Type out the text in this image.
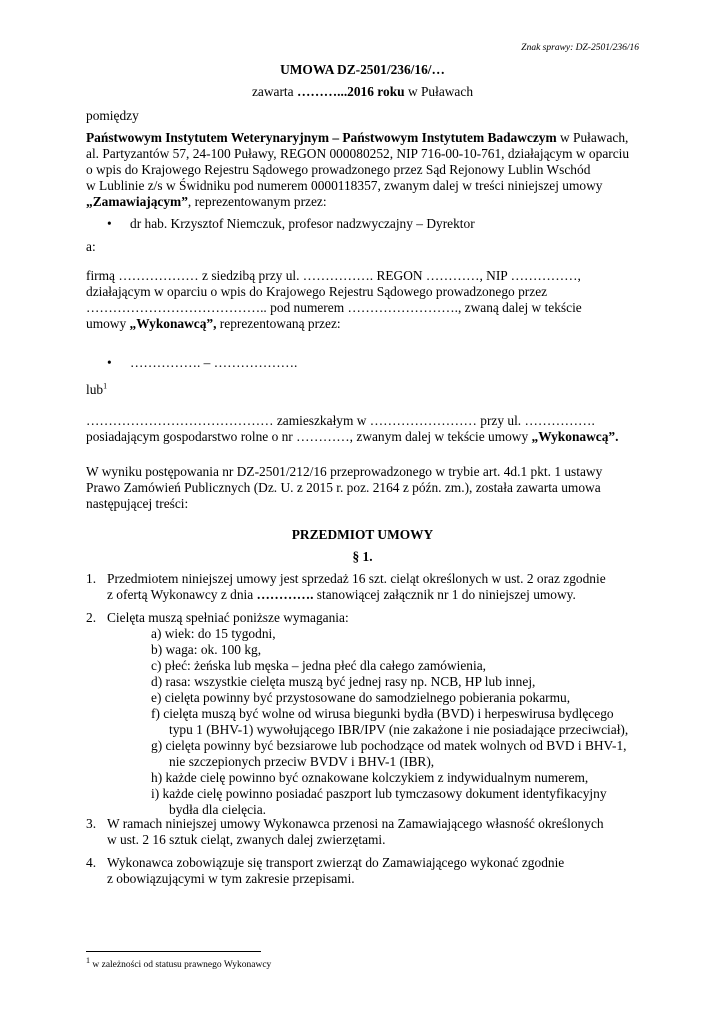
Znak sprawy: DZ-2501/236/16
UMOWA DZ-2501/236/16/…
zawarta ………...2016 roku w Puławach
pomiędzy
Państwowym Instytutem Weterynaryjnym – Państwowym Instytutem Badawczym w Puławach,
al. Partyzantów 57, 24-100 Puławy, REGON 000080252, NIP 716-00-10-761, działającym w oparciu
o wpis do Krajowego Rejestru Sądowego prowadzonego przez Sąd Rejonowy Lublin Wschód
w Lublinie z/s w Świdniku pod numerem 0000118357, zwanym dalej w treści niniejszej umowy
„Zamawiającym”, reprezentowanym przez:
• dr hab. Krzysztof Niemczuk, profesor nadzwyczajny – Dyrektor
a:
firmą ……………… z siedzibą przy ul. ……………. REGON …………, NIP ……………,
działającym w oparciu o wpis do Krajowego Rejestru Sądowego prowadzonego przez
………………………………….. pod numerem ……………………., zwaną dalej w tekście
umowy „Wykonawcą”, reprezentowaną przez:
• ……………. – ……………….
lub$^1$
…………………………………… zamieszkałym w …………………… przy ul. …………….
posiadającym gospodarstwo rolne o nr …………, zwanym dalej w tekście umowy „Wykonawcą”.
W wyniku postępowania nr DZ-2501/212/16 przeprowadzonego w trybie art. 4d.1 pkt. 1 ustawy
Prawo Zamówień Publicznych (Dz. U. z 2015 r. poz. 2164 z późn. zm.), została zawarta umowa
następującej treści:
PRZEDMIOT UMOWY
§ 1.
1. Przedmiotem niniejszej umowy jest sprzedaż 16 szt. cieląt określonych w ust. 2 oraz zgodnie
z ofertą Wykonawcy z dnia …………. stanowiącej załącznik nr 1 do niniejszej umowy.
2. Cielęta muszą spełniać poniższe wymagania:
a) wiek: do 15 tygodni,
b) waga: ok. 100 kg,
c) płeć: żeńska lub męska – jedna płeć dla całego zamówienia,
d) rasa: wszystkie cielęta muszą być jednej rasy np. NCB, HP lub innej,
e) cielęta powinny być przystosowane do samodzielnego pobierania pokarmu,
f) cielęta muszą być wolne od wirusa biegunki bydła (BVD) i herpeswirusa bydlęcego typu 1 (BHV-1) wywołującego IBR/IPV (nie zakażone i nie posiadające przeciwciał),
g) cielęta powinny być bezsiarowe lub pochodzące od matek wolnych od BVD i BHV-1, nie szczepionych przeciw BVDV i BHV-1 (IBR),
h) każde cielę powinno być oznakowane kolczykiem z indywidualnym numerem,
i) każde cielę powinno posiadać paszport lub tymczasowy dokument identyfikacyjny bydła dla cielęcia.
3. W ramach niniejszej umowy Wykonawca przenosi na Zamawiającego własność określonych
w ust. 2 16 sztuk cieląt, zwanych dalej zwierzętami.
4. Wykonawca zobowiązuje się transport zwierząt do Zamawiającego wykonać zgodnie
z obowiązującymi w tym zakresie przepisami.
$^1$ w zależności od statusu prawnego Wykonawcy
